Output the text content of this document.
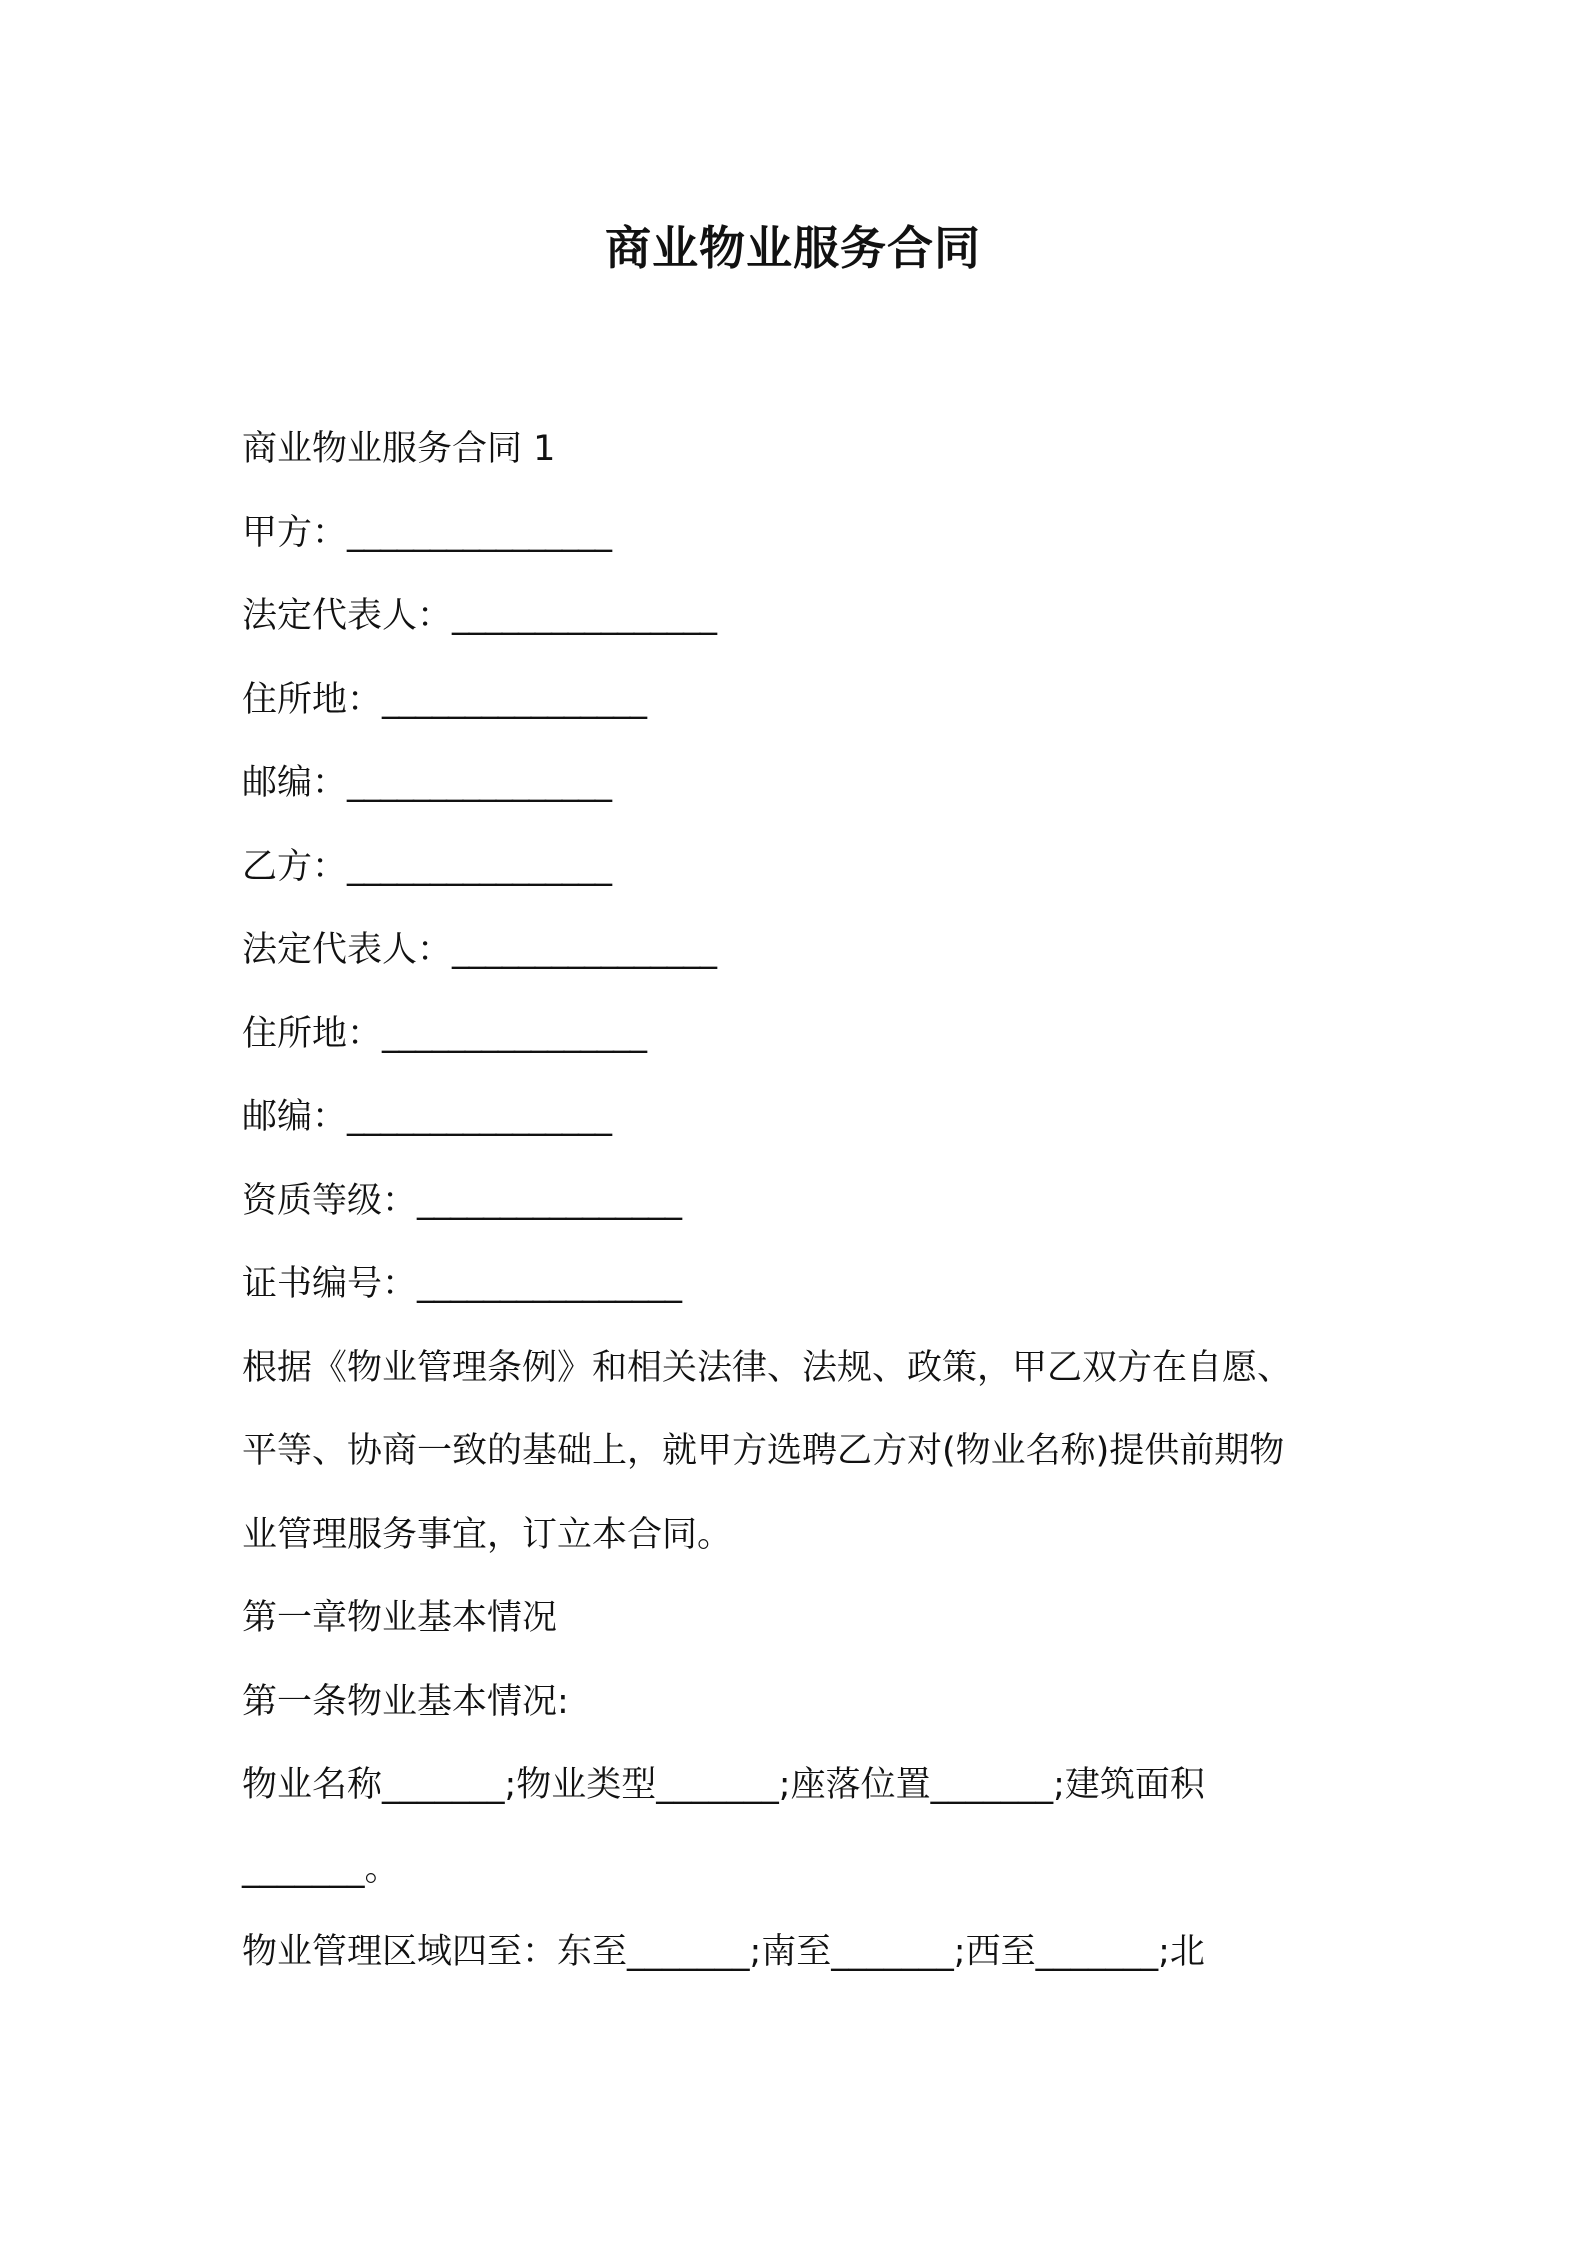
商业物业服务合同
商业物业服务合同 1
甲方：________________
法定代表人：________________
住所地：________________
邮编：________________
乙方：________________
法定代表人：________________
住所地：________________
邮编：________________
资质等级：________________
证书编号：________________
根据《物业管理条例》和相关法律、法规、政策，甲乙双方在自愿、
平等、协商一致的基础上，就甲方选聘乙方对(物业名称)提供前期物
业管理服务事宜，订立本合同。
第一章物业基本情况
第一条物业基本情况:
物业名称_______;物业类型_______;座落位置_______;建筑面积
_______。
物业管理区域四至：东至_______;南至_______;西至_______;北
